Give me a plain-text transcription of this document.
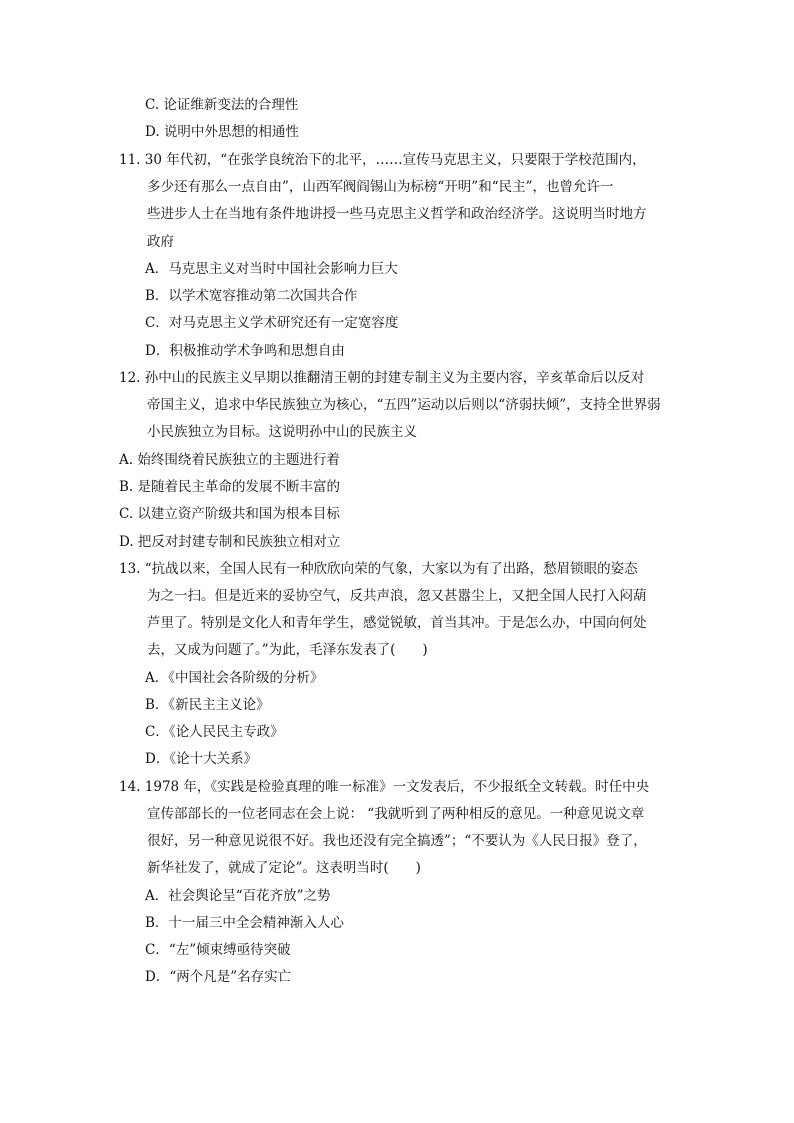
C. 论证维新变法的合理性
D. 说明中外思想的相通性
11. 30 年代初，“在张学良统治下的北平，……宣传马克思主义，只要限于学校范围内，
多少还有那么一点自由”，山西军阀阎锡山为标榜“开明”和“民主”，也曾允许一
些进步人士在当地有条件地讲授一些马克思主义哲学和政治经济学。这说明当时地方
政府
A．马克思主义对当时中国社会影响力巨大
B．以学术宽容推动第二次国共合作
C．对马克思主义学术研究还有一定宽容度
D．积极推动学术争鸣和思想自由
12. 孙中山的民族主义早期以推翻清王朝的封建专制主义为主要内容，辛亥革命后以反对
帝国主义，追求中华民族独立为核心，“五四”运动以后则以“济弱扶倾”，支持全世界弱
小民族独立为目标。这说明孙中山的民族主义
A. 始终围绕着民族独立的主题进行着
B. 是随着民主革命的发展不断丰富的
C. 以建立资产阶级共和国为根本目标
D. 把反对封建专制和民族独立相对立
13. “抗战以来，全国人民有一种欣欣向荣的气象，大家以为有了出路，愁眉锁眼的姿态
为之一扫。但是近来的妥协空气，反共声浪，忽又甚嚣尘上，又把全国人民打入闷葫
芦里了。特别是文化人和青年学生，感觉锐敏，首当其冲。于是怎么办，中国向何处
去，又成为问题了。”为此，毛泽东发表了(　　)
A．《中国社会各阶级的分析》
B．《新民主主义论》
C．《论人民民主专政》
D．《论十大关系》
14. 1978 年，《实践是检验真理的唯一标准》一文发表后，不少报纸全文转载。时任中央
宣传部部长的一位老同志在会上说： “我就听到了两种相反的意见。一种意见说文章
很好，另一种意见说很不好。我也还没有完全搞透”；“不要认为《人民日报》登了，
新华社发了，就成了定论”。这表明当时(　　)
A．社会舆论呈“百花齐放”之势
B．十一届三中全会精神渐入人心
C．“左”倾束缚亟待突破
D．“两个凡是”名存实亡
